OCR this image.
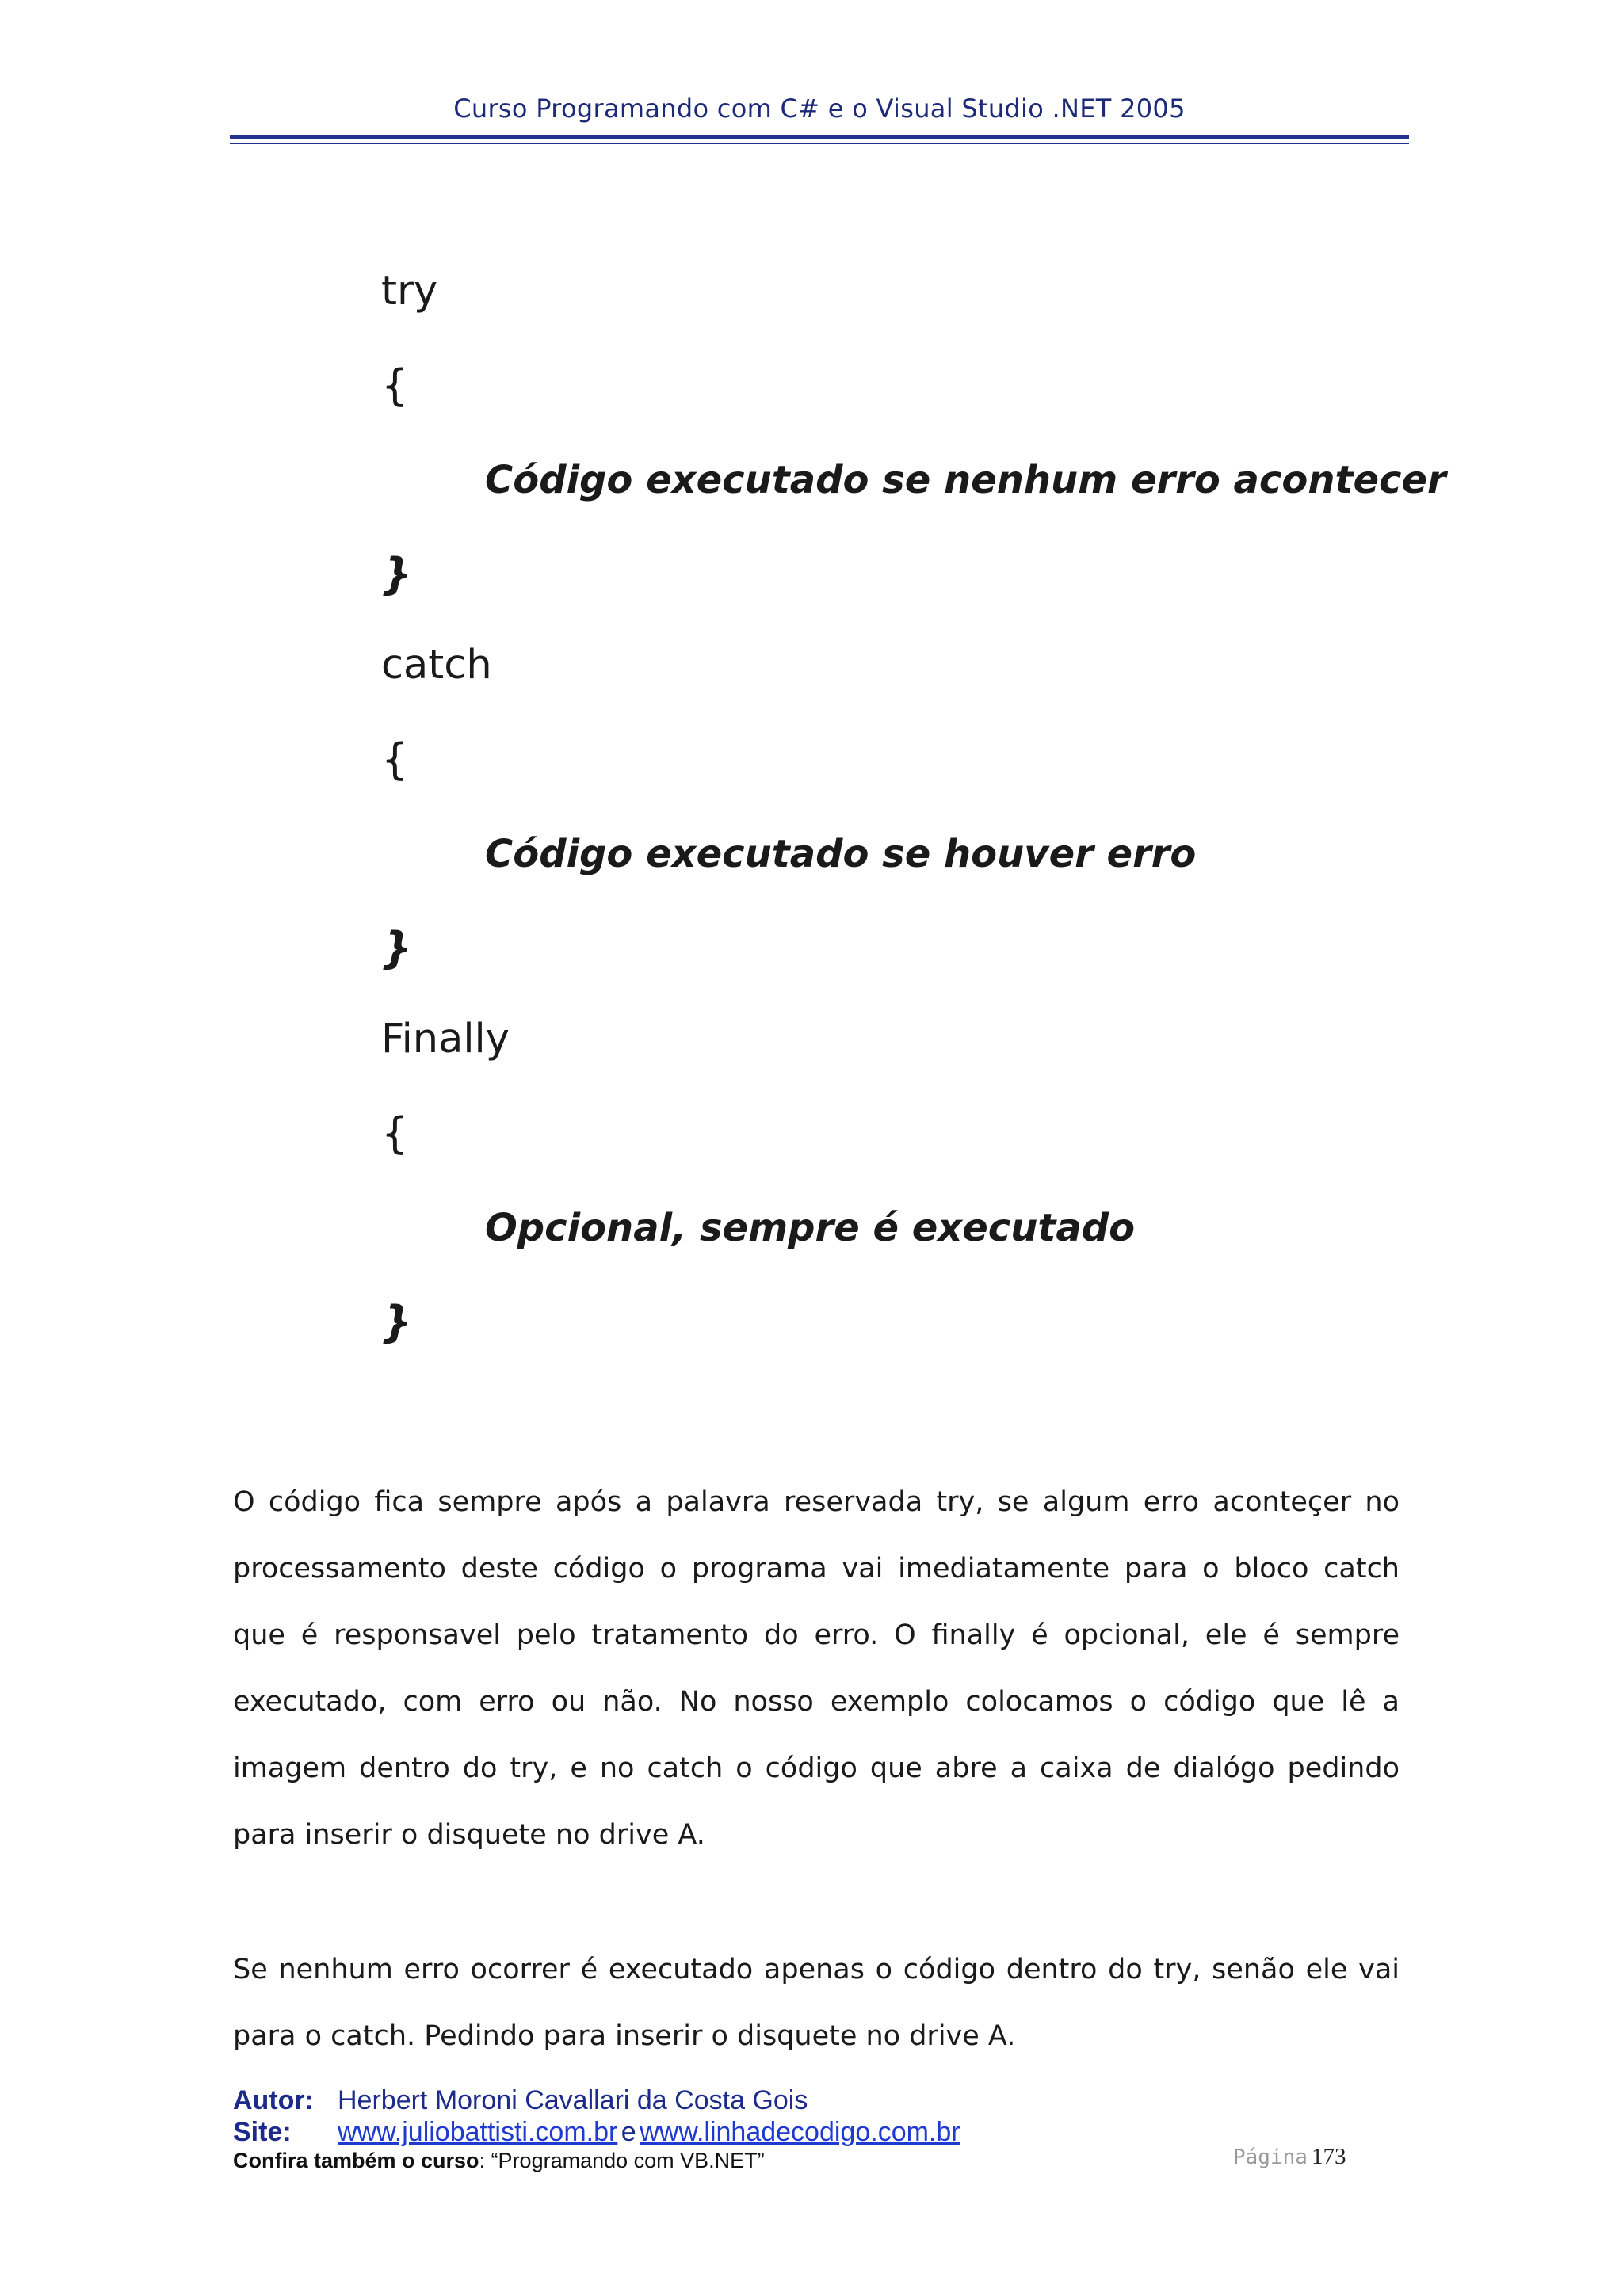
Curso Programando com C# e o Visual Studio .NET 2005
try
{
Código executado se nenhum erro acontecer
}
catch
{
Código executado se houver erro
}
Finally
{
Opcional, sempre é executado
}
O código fica sempre após a palavra reservada try, se algum erro aconteçer no processamento deste código o programa vai imediatamente para o bloco catch que é responsavel pelo tratamento do erro. O finally é opcional, ele é sempre executado, com erro ou não. No nosso exemplo colocamos o código que lê a imagem dentro do try, e no catch o código que abre a caixa de dialógo pedindo para inserir o disquete no drive A.
Se nenhum erro ocorrer é executado apenas o código dentro do try, senão ele vai para o catch. Pedindo para inserir o disquete no drive A.
Autor: Herbert Moroni Cavallari da Costa Gois
Site: www.juliobattisti.com.br e www.linhadecodigo.com.br
Confira também o curso: “Programando com VB.NET”	Página 173
